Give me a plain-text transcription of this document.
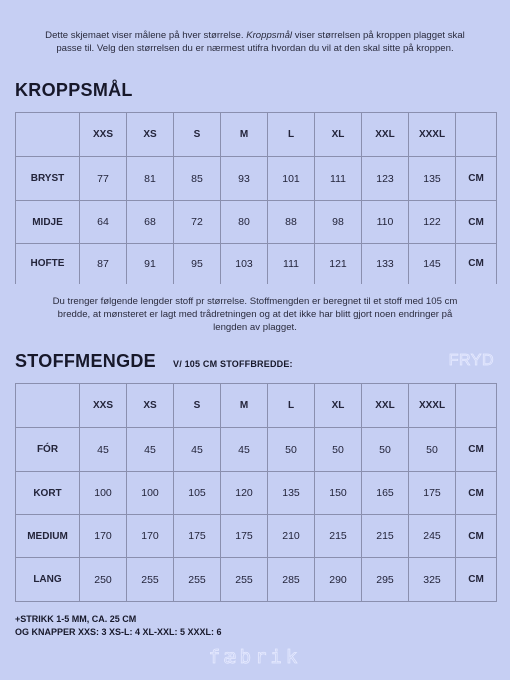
Dette skjemaet viser målene på hver størrelse. Kroppsmål viser størrelsen på kroppen plagget skal passe til. Velg den størrelsen du er nærmest utifra hvordan du vil at den skal sitte på kroppen.

KROPPSMÅL
	XXS	XS	S	M	L	XL	XXL	XXXL	
BRYST	77	81	85	93	101	111	123	135	CM
MIDJE	64	68	72	80	88	98	110	122	CM
HOFTE	87	91	95	103	111	121	133	145	CM

Du trenger følgende lengder stoff pr størrelse. Stoffmengden er beregnet til et stoff med 105 cm bredde, at mønsteret er lagt med trådretningen og at det ikke har blitt gjort noen endringer på lengden av plagget.

STOFFMENGDE V/ 105 CM STOFFBREDDE:	FRYD
	XXS	XS	S	M	L	XL	XXL	XXXL	
FÓR	45	45	45	45	50	50	50	50	CM
KORT	100	100	105	120	135	150	165	175	CM
MEDIUM	170	170	175	175	210	215	215	245	CM
LANG	250	255	255	255	285	290	295	325	CM
+STRIKK 1-5 MM, CA. 25 CM
OG KNAPPER XXS: 3 XS-L: 4 XL-XXL: 5 XXXL: 6
fæbrik
